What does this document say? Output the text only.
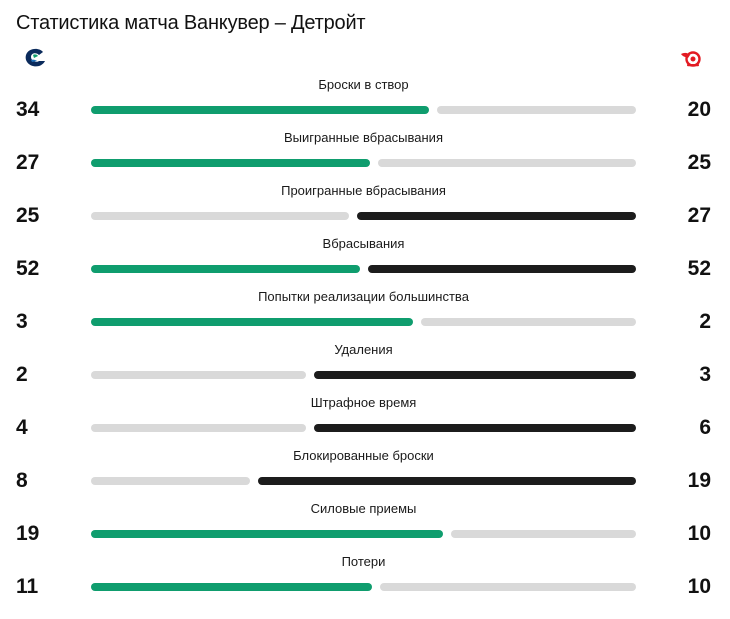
Статистика матча Ванкувер – Детройт
Броски в створ
34	20
Выигранные вбрасывания
27	25
Проигранные вбрасывания
25	27
Вбрасывания
52	52
Попытки реализации большинства
3	2
Удаления
2	3
Штрафное время
4	6
Блокированные броски
8	19
Силовые приемы
19	10
Потери
11	10
